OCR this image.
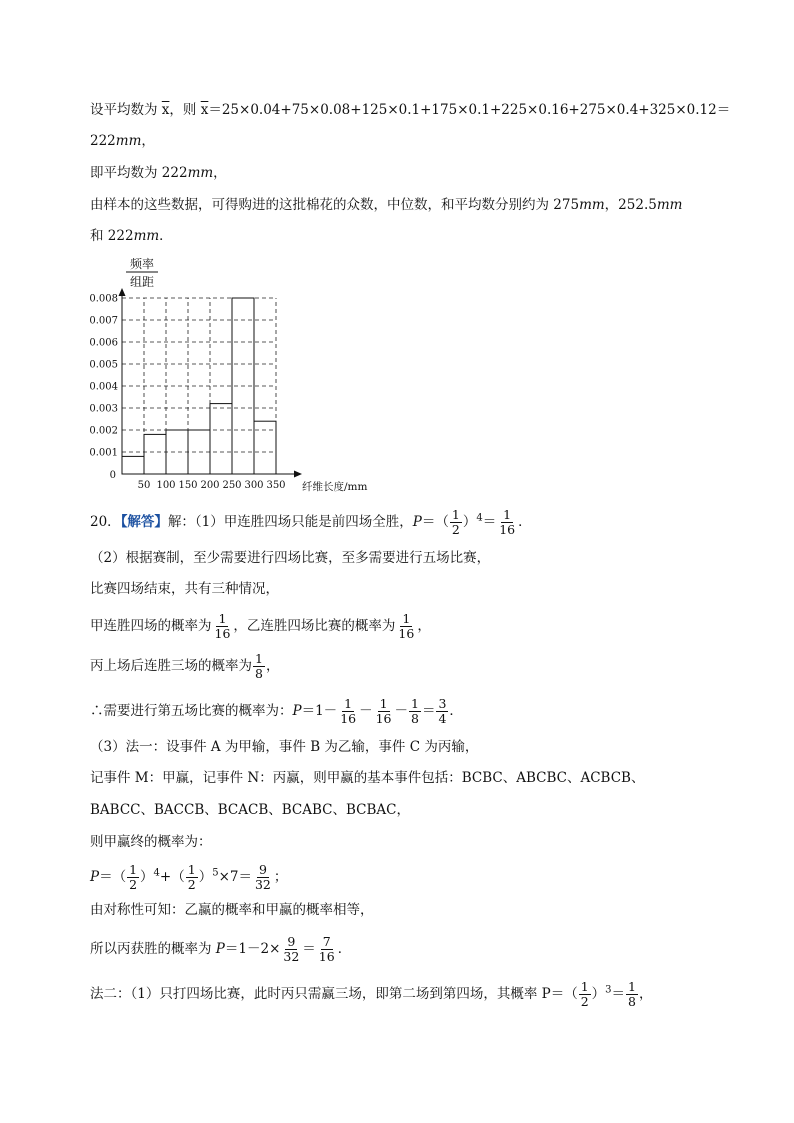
设平均数为 $\overline{x}$，则 $\overline{x}=25\times 0.04+75\times 0.08+125\times 0.1+175\times 0.1+225\times 0.16+275\times 0.4+325\times 0.12=$
222mm，
即平均数为 222mm，
由样本的这些数据，可得购进的这批棉花的众数，中位数，和平均数分别约为 275mm，252.5mm
和 222mm．
0.001
0.002
0.003
0.004
0.005
0.006
0.007
0.008
0
50 100 150 200 250 300 350 纤维长度/mm
频率
组距
20．【解答】解：（1）甲连胜四场只能是前四场全胜，$P=( \frac{1}{2} )^4= \frac{1}{16}$ ．
（2）根据赛制，至少需要进行四场比赛，至多需要进行五场比赛，
比赛四场结束，共有三种情况，
甲连胜四场的概率为 $\frac{1}{16}$ ，乙连胜四场比赛的概率为 $\frac{1}{16}$ ，
丙上场后连胜三场的概率为 $\frac{1}{8}$ ，
∴需要进行第五场比赛的概率为：$P=1- \frac{1}{16} - \frac{1}{16} - \frac{1}{8} = \frac{3}{4}$ ．
（3）法一：设事件 A 为甲输，事件 B 为乙输，事件 C 为丙输，
记事件 M：甲赢，记事件 N：丙赢，则甲赢的基本事件包括：BCBC、ABCBC、ACBCB、
BABCC、BACCB、BCACB、BCABC、BCBAC，
则甲赢终的概率为：
$P=( \frac{1}{2} )^4+( \frac{1}{2} )^5\times 7= \frac{9}{32}$ ；
由对称性可知：乙赢的概率和甲赢的概率相等，
所以丙获胜的概率为 $P=1-2\times \frac{9}{32} = \frac{7}{16}$ ．
法二：（1）只打四场比赛，此时丙只需赢三场，即第二场到第四场，其概率 $P=( \frac{1}{2} )^3= \frac{1}{8}$ ，
